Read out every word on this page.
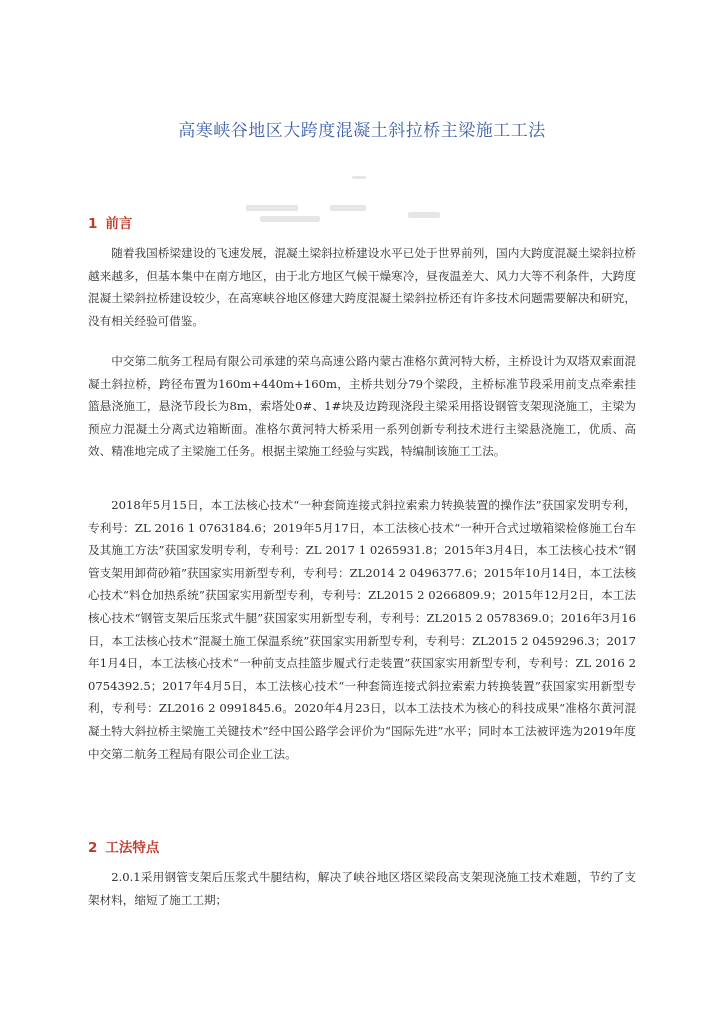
高寒峡谷地区大跨度混凝土斜拉桥主梁施工工法
1 前言
随着我国桥梁建设的飞速发展，混凝土梁斜拉桥建设水平已处于世界前列，国内大跨度混凝土梁斜拉桥越来越多，但基本集中在南方地区，由于北方地区气候干燥寒冷，昼夜温差大、风力大等不利条件，大跨度混凝土梁斜拉桥建设较少，在高寒峡谷地区修建大跨度混凝土梁斜拉桥还有许多技术问题需要解决和研究，没有相关经验可借鉴。
中交第二航务工程局有限公司承建的荣乌高速公路内蒙古准格尔黄河特大桥，主桥设计为双塔双索面混凝土斜拉桥，跨径布置为160m+440m+160m，主桥共划分79个梁段，主桥标准节段采用前支点牵索挂篮悬浇施工，悬浇节段长为8m，索塔处0#、1#块及边跨现浇段主梁采用搭设钢管支架现浇施工，主梁为预应力混凝土分离式边箱断面。准格尔黄河特大桥采用一系列创新专利技术进行主梁悬浇施工，优质、高效、精准地完成了主梁施工任务。根据主梁施工经验与实践，特编制该施工工法。
2018年5月15日，本工法核心技术“一种套筒连接式斜拉索索力转换装置的操作法”获国家发明专利，专利号：ZL 2016 1 0763184.6；2019年5月17日，本工法核心技术“一种开合式过墩箱梁检修施工台车及其施工方法”获国家发明专利，专利号：ZL 2017 1 0265931.8；2015年3月4日，本工法核心技术“钢管支架用卸荷砂箱”获国家实用新型专利，专利号：ZL2014 2 0496377.6；2015年10月14日，本工法核心技术“料仓加热系统”获国家实用新型专利，专利号：ZL2015 2 0266809.9；2015年12月2日，本工法核心技术“钢管支架后压浆式牛腿”获国家实用新型专利，专利号：ZL2015 2 0578369.0；2016年3月16日，本工法核心技术“混凝土施工保温系统”获国家实用新型专利，专利号：ZL2015 2 0459296.3；2017年1月4日，本工法核心技术“一种前支点挂篮步履式行走装置”获国家实用新型专利，专利号：ZL 2016 2 0754392.5；2017年4月5日，本工法核心技术“一种套筒连接式斜拉索索力转换装置”获国家实用新型专利，专利号：ZL2016 2 0991845.6。2020年4月23日，以本工法技术为核心的科技成果“准格尔黄河混凝土特大斜拉桥主梁施工关键技术”经中国公路学会评价为“国际先进”水平；同时本工法被评选为2019年度中交第二航务工程局有限公司企业工法。
2 工法特点
2.0.1采用钢管支架后压浆式牛腿结构，解决了峡谷地区塔区梁段高支架现浇施工技术难题，节约了支架材料，缩短了施工工期；
